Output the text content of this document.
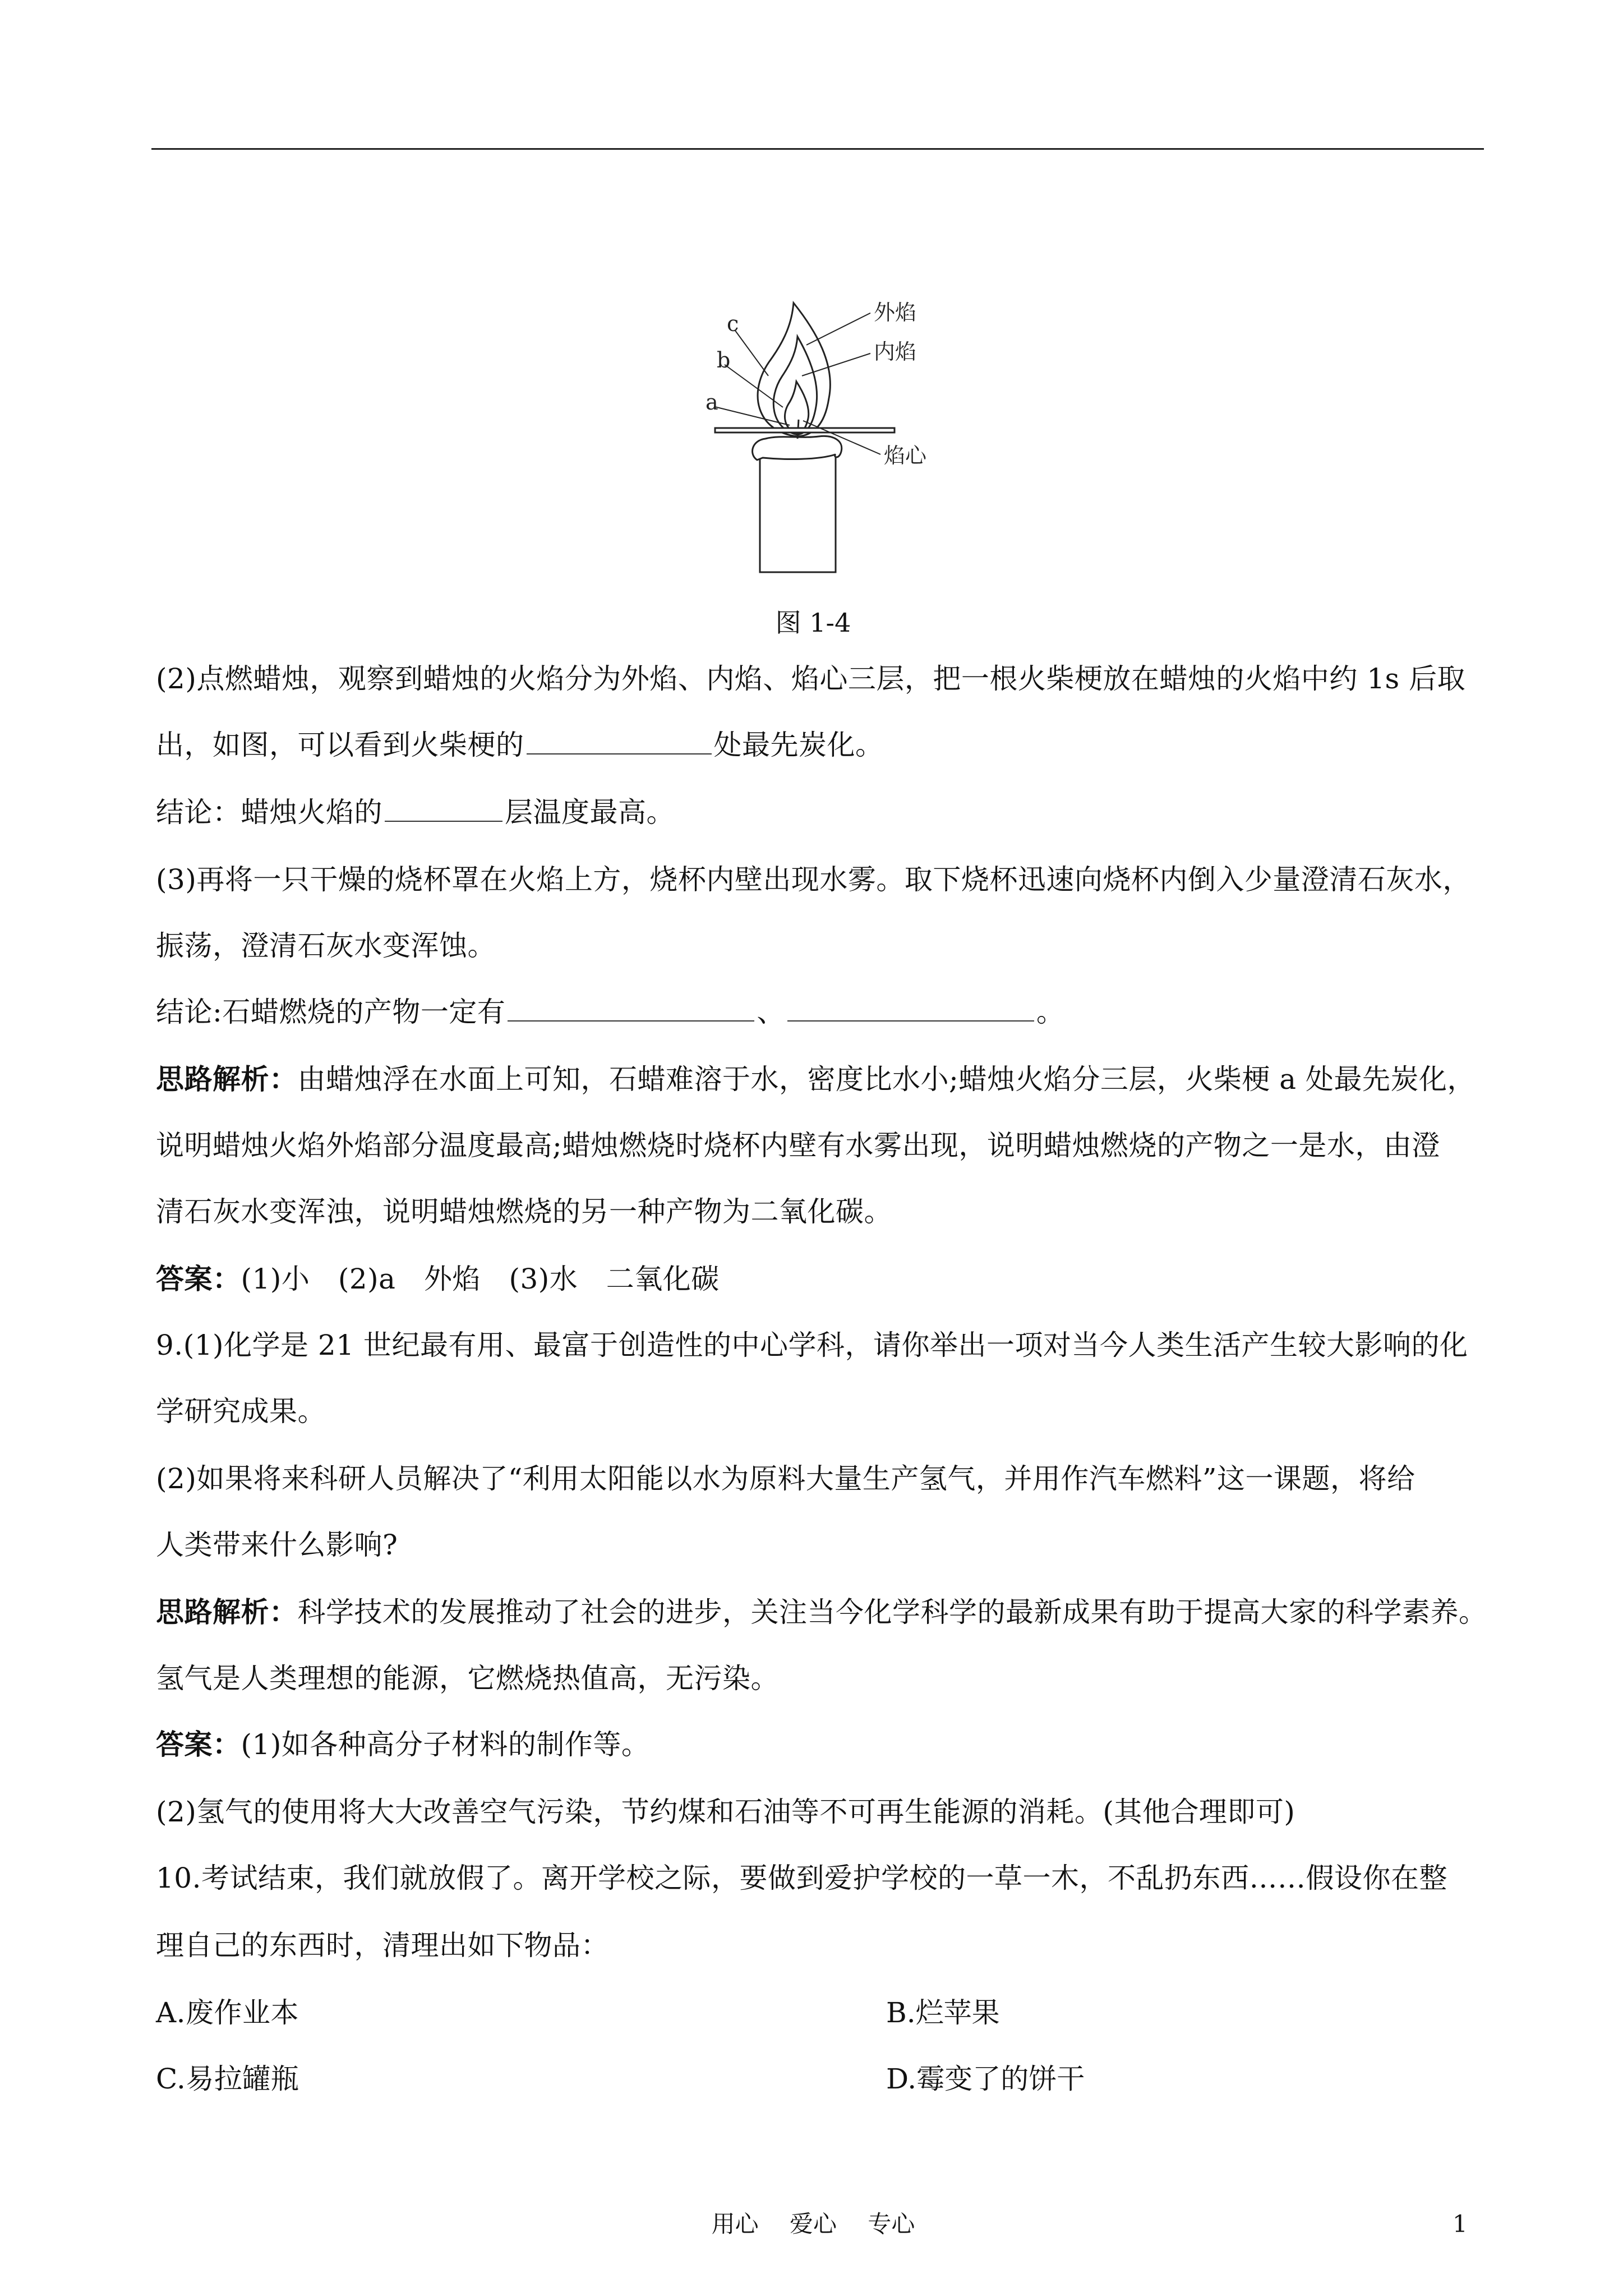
外焰
内焰
焰心
c
b
a
图 1-4
(2)点燃蜡烛，观察到蜡烛的火焰分为外焰、内焰、焰心三层，把一根火柴梗放在蜡烛的火焰中约 1s 后取
出，如图，可以看到火柴梗的	处最先炭化。
结论：蜡烛火焰的	层温度最高。
(3)再将一只干燥的烧杯罩在火焰上方，烧杯内壁出现水雾。取下烧杯迅速向烧杯内倒入少量澄清石灰水，
振荡，澄清石灰水变浑蚀。
结论:石蜡燃烧的产物一定有	、	。
思路解析：由蜡烛浮在水面上可知，石蜡难溶于水，密度比水小;蜡烛火焰分三层，火柴梗 a 处最先炭化，
说明蜡烛火焰外焰部分温度最高;蜡烛燃烧时烧杯内壁有水雾出现，说明蜡烛燃烧的产物之一是水，由澄
清石灰水变浑浊，说明蜡烛燃烧的另一种产物为二氧化碳。
答案：(1)小　(2)a　外焰　(3)水　二氧化碳
9.(1)化学是 21 世纪最有用、最富于创造性的中心学科，请你举出一项对当今人类生活产生较大影响的化
学研究成果。
(2)如果将来科研人员解决了“利用太阳能以水为原料大量生产氢气，并用作汽车燃料”这一课题，将给
人类带来什么影响?
思路解析：科学技术的发展推动了社会的进步，关注当今化学科学的最新成果有助于提高大家的科学素养。
氢气是人类理想的能源，它燃烧热值高，无污染。
答案：(1)如各种高分子材料的制作等。
(2)氢气的使用将大大改善空气污染，节约煤和石油等不可再生能源的消耗。(其他合理即可)
10.考试结束，我们就放假了。离开学校之际，要做到爱护学校的一草一木，不乱扔东西……假设你在整
理自己的东西时，清理出如下物品：
A.废作业本	B.烂苹果
C.易拉罐瓶	D.霉变了的饼干
用心　 爱心　 专心	1
